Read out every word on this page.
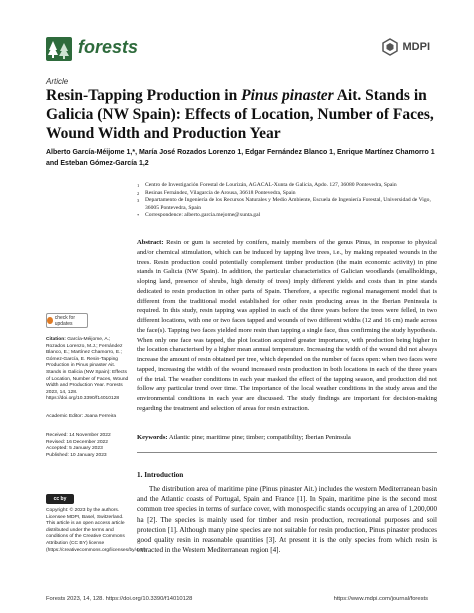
forests	MDPI
Article
Resin-Tapping Production in Pinus pinaster Ait. Stands in Galicia (NW Spain): Effects of Location, Number of Faces, Wound Width and Production Year
Alberto García-Méijome 1,*, María José Rozados Lorenzo 1, Edgar Fernández Blanco 1, Enrique Martínez Chamorro 1 and Esteban Gómez-García 1,2
check for updates
Citation: García-Méijome, A.; Rozados Lorenzo, M.J.; Fernández Blanco, E.; Martínez Chamorro, E.; Gómez-García, E. Resin-Tapping Production in Pinus pinaster Ait. Stands in Galicia (NW Spain): Effects of Location, Number of Faces, Wound Width and Production Year. Forests 2023, 14, 128. https://doi.org/10.3390/f14010128
Academic Editor: Joana Ferreira
Received: 14 November 2022
Revised: 16 December 2022
Accepted: 5 January 2023
Published: 10 January 2023
cc by
Copyright: © 2023 by the authors. Licensee MDPI, Basel, Switzerland. This article is an open access article distributed under the terms and conditions of the Creative Commons Attribution (CC BY) license (https://creativecommons.org/licenses/by/4.0/).
1	Centro de Investigación Forestal de Lourizán, AGACAL-Xunta de Galicia, Apdo. 127, 36080 Pontevedra, Spain
2	Resinas Fernández, Vilagarcía de Arousa, 36618 Pontevedra, Spain
3	Departamento de Ingeniería de los Recursos Naturales y Medio Ambiente, Escuela de Ingeniería Forestal, Universidad de Vigo, 36005 Pontevedra, Spain
*	Correspondence: alberto.garcia.mejome@xunta.gal
Abstract: Resin or gum is secreted by conifers, mainly members of the genus Pinus, in response to physical and/or chemical stimulation, which can be induced by tapping live trees, i.e., by making repeated wounds in the trees. Resin production could potentially complement timber production (the main economic activity) in pine stands in Galicia (NW Spain). In addition, the particular characteristics of Galician woodlands (smallholdings, sloping land, presence of shrubs, high density of trees) imply different yields and costs than in pine stands dedicated to resin production in other parts of Spain. Therefore, a specific regional management model that is different from the traditional model established for other resin producing areas in the Iberian Peninsula is required. In this study, resin tapping was applied in each of the three years before the trees were felled, in two different locations, with one or two faces tapped and wounds of two different widths (12 and 16 cm) made across the face(s). Tapping two faces yielded more resin than tapping a single face, thus confirming the study hypothesis. When only one face was tapped, the plot location acquired greater importance, with production being higher in the location characterised by a higher mean annual temperature. Increasing the width of the wound did not always increase the amount of resin obtained per tree, which depended on the number of faces open: when two faces were tapped, increasing the width of the wound increased resin production in both locations in each of the three years of the trial. The weather conditions in each year masked the effect of the tapping season, and production did not follow any particular trend over time. The importance of the local weather conditions in the study areas and the environmental conditions in each year are discussed. The study findings are important for decision-making regarding the treatment and selection of areas for resin extraction.
Keywords: Atlantic pine; maritime pine; timber; compatibility; Iberian Peninsula
1. Introduction
The distribution area of maritime pine (Pinus pinaster Ait.) includes the western Mediterranean basin and the Atlantic coasts of Portugal, Spain and France [1]. In Spain, maritime pine is the second most common tree species in terms of surface cover, with monospecific stands occupying an area of 1,200,000 ha [2]. The species is mainly used for timber and resin production, recreational purposes and soil protection [1]. Although many pine species are not suitable for resin production, Pinus pinaster produces good quality resin in reasonable quantities [3]. At present it is the only species from which resin is extracted in the Western Mediterranean region [4].
Forests 2023, 14, 128. https://doi.org/10.3390/f14010128	https://www.mdpi.com/journal/forests
